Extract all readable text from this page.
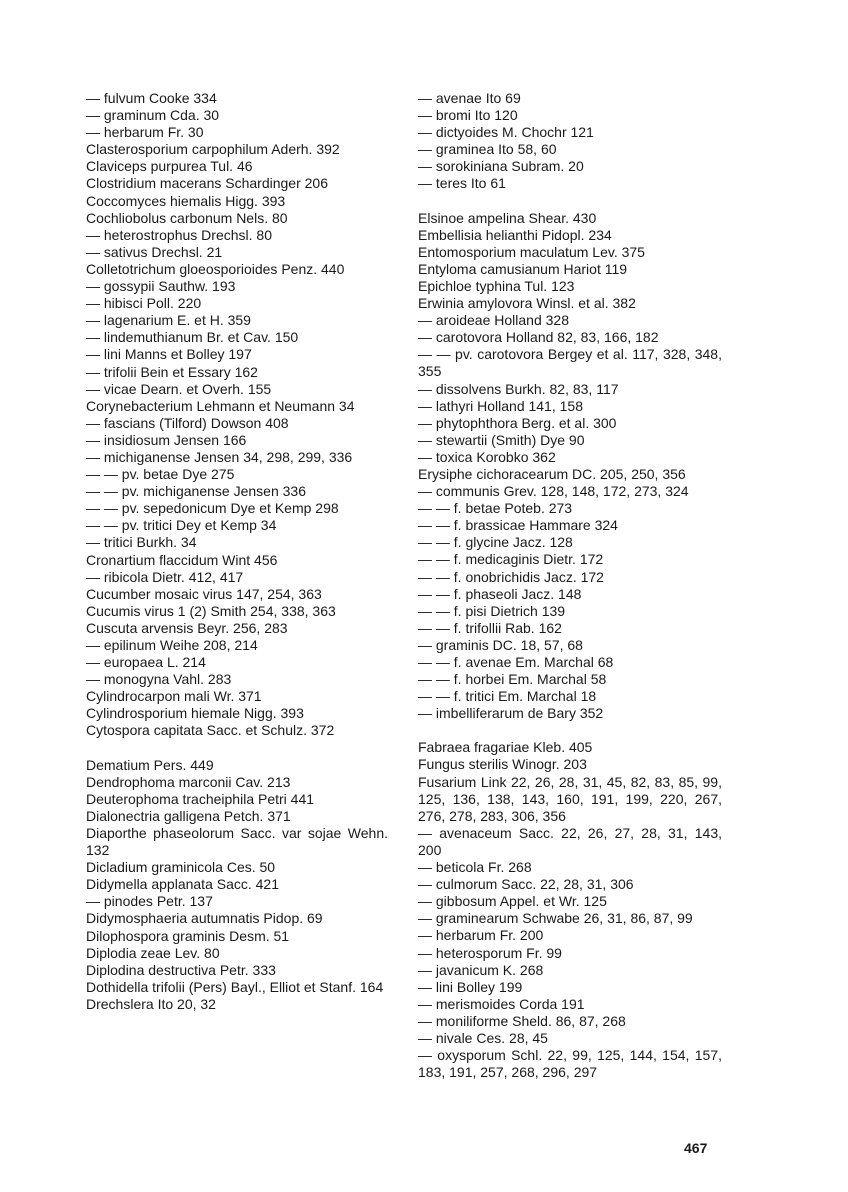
— fulvum Cooke 334
— graminum Cda. 30
— herbarum Fr. 30
Clasterosporium carpophilum Aderh. 392
Claviceps purpurea Tul. 46
Clostridium macerans Schardinger 206
Coccomyces hiemalis Higg. 393
Cochliobolus carbonum Nels. 80
— heterostrophus Drechsl. 80
— sativus Drechsl. 21
Colletotrichum gloeosporioides Penz. 440
— gossypii Sauthw. 193
— hibisci Poll. 220
— lagenarium E. et H. 359
— lindemuthianum Br. et Cav. 150
— lini Manns et Bolley 197
— trifolii Bein et Essary 162
— vicae Dearn. et Overh. 155
Corynebacterium Lehmann et Neumann 34
— fascians (Tilford) Dowson 408
— insidiosum Jensen 166
— michiganense Jensen 34, 298, 299, 336
— — pv. betae Dye 275
— — pv. michiganense Jensen 336
— — pv. sepedonicum Dye et Kemp 298
— — pv. tritici Dey et Kemp 34
— tritici Burkh. 34
Cronartium flaccidum Wint 456
— ribicola Dietr. 412, 417
Cucumber mosaic virus 147, 254, 363
Cucumis virus 1 (2) Smith 254, 338, 363
Cuscuta arvensis Beyr. 256, 283
— epilinum Weihe 208, 214
— europaea L. 214
— monogyna Vahl. 283
Cylindrocarpon mali Wr. 371
Cylindrosporium hiemale Nigg. 393
Cytospora capitata Sacc. et Schulz. 372
Dematium Pers. 449
Dendrophoma marconii Cav. 213
Deuterophoma tracheiphila Petri 441
Dialonectria galligena Petch. 371
Diaporthe phaseolorum Sacc. var sojae Wehn. 132
Dicladium graminicola Ces. 50
Didymella applanata Sacc. 421
— pinodes Petr. 137
Didymosphaeria autumnatis Pidop. 69
Dilophospora graminis Desm. 51
Diplodia zeae Lev. 80
Diplodina destructiva Petr. 333
Dothidella trifolii (Pers) Bayl., Elliot et Stanf. 164
Drechslera Ito 20, 32
— avenae Ito 69
— bromi Ito 120
— dictyoides M. Chochr 121
— graminea Ito 58, 60
— sorokiniana Subram. 20
— teres Ito 61
Elsinoe ampelina Shear. 430
Embellisia helianthi Pidopl. 234
Entomosporium maculatum Lev. 375
Entyloma camusianum Hariot 119
Epichloe typhina Tul. 123
Erwinia amylovora Winsl. et al. 382
— aroideae Holland 328
— carotovora Holland 82, 83, 166, 182
— — pv. carotovora Bergey et al. 117, 328, 348, 355
— dissolvens Burkh. 82, 83, 117
— lathyri Holland 141, 158
— phytophthora Berg. et al. 300
— stewartii (Smith) Dye 90
— toxica Korobko 362
Erysiphe cichoracearum DC. 205, 250, 356
— communis Grev. 128, 148, 172, 273, 324
— — f. betae Poteb. 273
— — f. brassicae Hammare 324
— — f. glycine Jacz. 128
— — f. medicaginis Dietr. 172
— — f. onobrichidis Jacz. 172
— — f. phaseoli Jacz. 148
— — f. pisi Dietrich 139
— — f. trifollii Rab. 162
— graminis DC. 18, 57, 68
— — f. avenae Em. Marchal 68
— — f. horbei Em. Marchal 58
— — f. tritici Em. Marchal 18
— imbelliferarum de Bary 352
Fabraea fragariae Kleb. 405
Fungus sterilis Winogr. 203
Fusarium Link 22, 26, 28, 31, 45, 82, 83, 85, 99, 125, 136, 138, 143, 160, 191, 199, 220, 267, 276, 278, 283, 306, 356
— avenaceum Sacc. 22, 26, 27, 28, 31, 143, 200
— beticola Fr. 268
— culmorum Sacc. 22, 28, 31, 306
— gibbosum Appel. et Wr. 125
— graminearum Schwabe 26, 31, 86, 87, 99
— herbarum Fr. 200
— heterosporum Fr. 99
— javanicum K. 268
— lini Bolley 199
— merismoides Corda 191
— moniliforme Sheld. 86, 87, 268
— nivale Ces. 28, 45
— oxysporum Schl. 22, 99, 125, 144, 154, 157, 183, 191, 257, 268, 296, 297
467
